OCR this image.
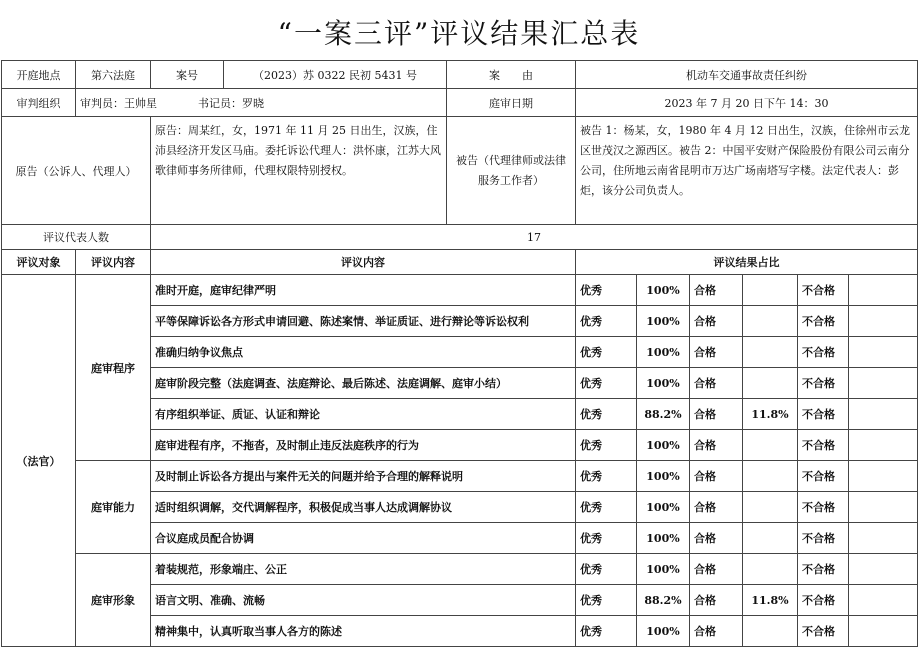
“一案三评”评议结果汇总表
开庭地点	第六法庭	案号	（2023）苏 0322 民初 5431 号	案　　由	机动车交通事故责任纠纷					
审判组织	审判员：王帅星 书记员：罗晓			庭审日期	2023 年 7 月 20 日下午 14：30					
原告（公诉人、代理人）		原告：周某红，女，1971 年 11 月 25 日出生，汉族，住沛县经济开发区马庙。委托诉讼代理人：洪怀康，江苏大风歌律师事务所律师，代理权限特别授权。		被告（代理律师或法律服务工作者）	被告 1：杨某，女，1980 年 4 月 12 日出生，汉族，住徐州市云龙区世茂汉之源西区。被告 2：中国平安财产保险股份有限公司云南分公司，住所地云南省昆明市万达广场南塔写字楼。法定代表人：彭炬，该分公司负责人。					
评议代表人数		17								
评议对象	评议内容	评议内容			评议结果占比					
（法官）	庭审程序	准时开庭，庭审纪律严明			优秀	100%	合格		不合格	
		平等保障诉讼各方形式申请回避、陈述案情、举证质证、进行辩论等诉讼权利			优秀	100%	合格		不合格	
		准确归纳争议焦点			优秀	100%	合格		不合格	
		庭审阶段完整（法庭调查、法庭辩论、最后陈述、法庭调解、庭审小结）			优秀	100%	合格		不合格	
		有序组织举证、质证、认证和辩论			优秀	88.2%	合格	11.8%	不合格	
		庭审进程有序，不拖沓，及时制止违反法庭秩序的行为			优秀	100%	合格		不合格	
	庭审能力	及时制止诉讼各方提出与案件无关的问题并给予合理的解释说明			优秀	100%	合格		不合格	
		适时组织调解，交代调解程序，积极促成当事人达成调解协议			优秀	100%	合格		不合格	
		合议庭成员配合协调			优秀	100%	合格		不合格	
	庭审形象	着装规范，形象端庄、公正			优秀	100%	合格		不合格	
		语言文明、准确、流畅			优秀	88.2%	合格	11.8%	不合格	
		精神集中，认真听取当事人各方的陈述			优秀	100%	合格		不合格	
